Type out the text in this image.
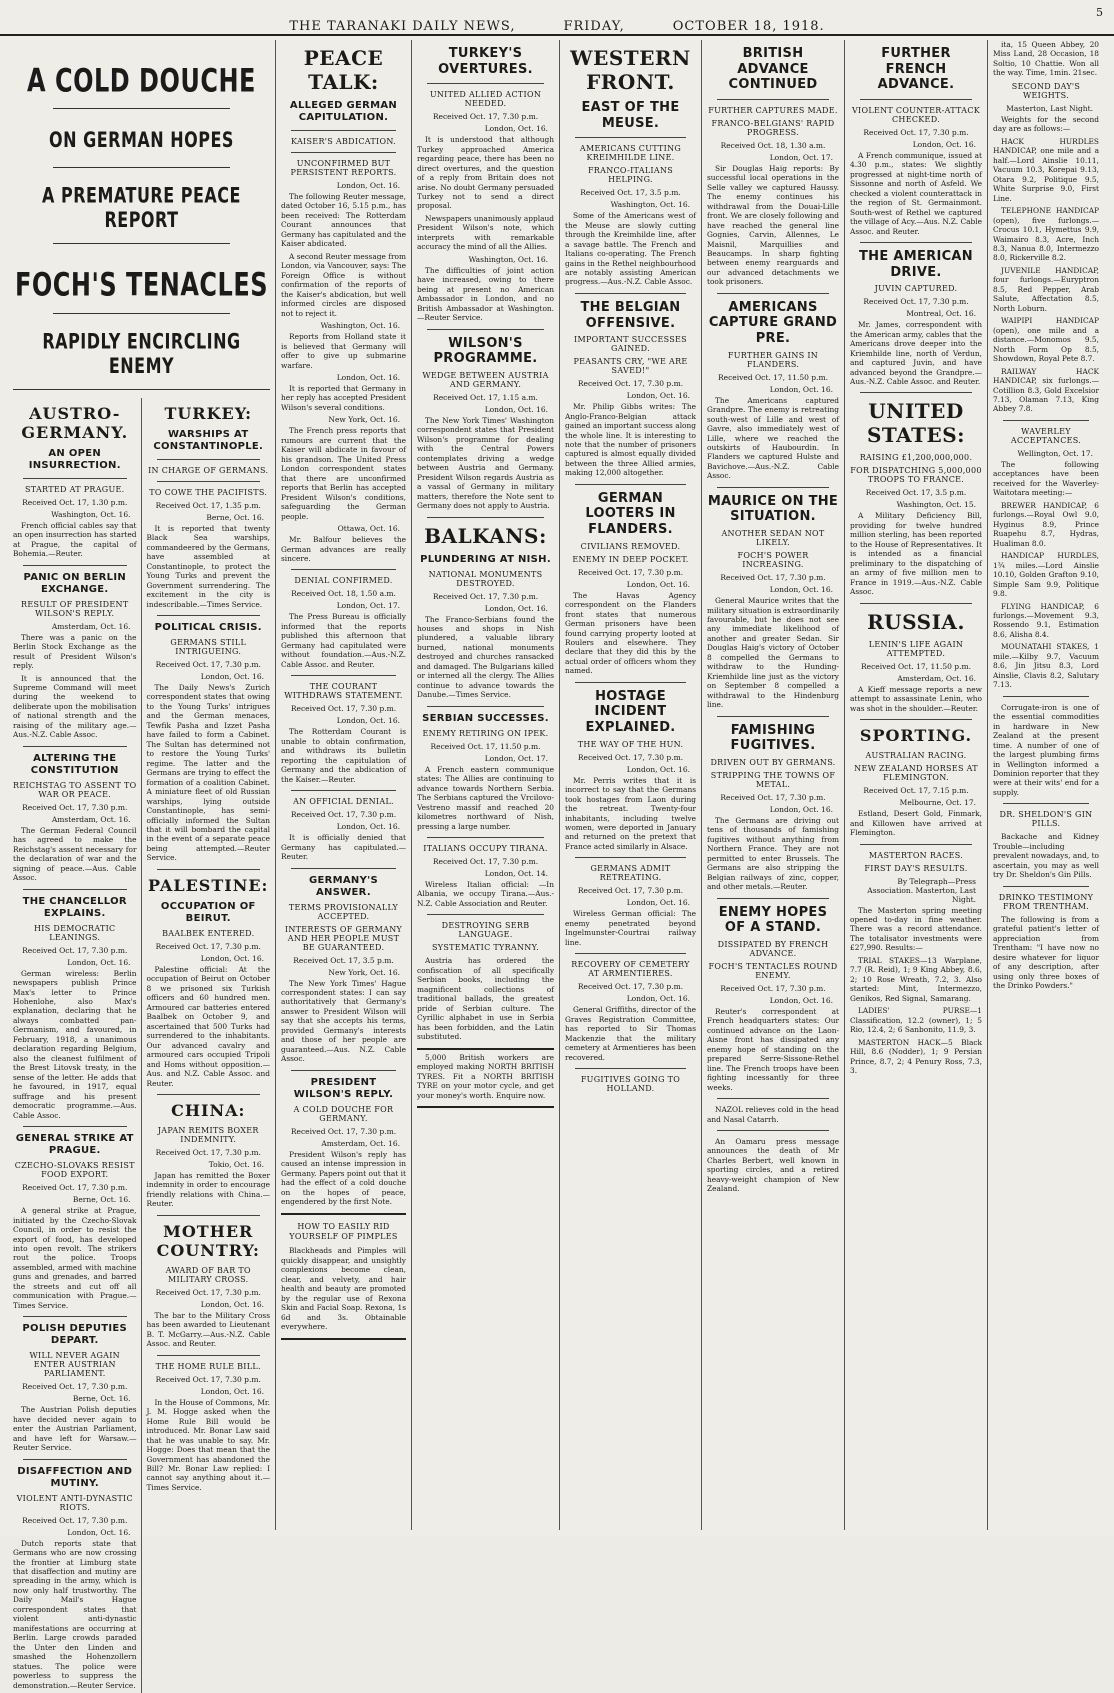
THE TARANAKI DAILY NEWS,	FRIDAY,	OCTOBER 18, 1918.
5
A COLD DOUCHE
ON GERMAN HOPES
A PREMATURE PEACE REPORT
FOCH'S TENACLES
RAPIDLY ENCIRCLING ENEMY
AUSTRO-GERMANY.
AN OPEN INSURRECTION.
STARTED AT PRAGUE.
Received Oct. 17, 1.30 p.m.
Washington, Oct. 16.

French official cables say that an open insurrection has started at Prague, the capital of Bohemia.—Reuter.

PANIC ON BERLIN EXCHANGE.
RESULT OF PRESIDENT WILSON'S REPLY.
Amsterdam, Oct. 16.

There was a panic on the Berlin Stock Exchange as the result of President Wilson's reply.

It is announced that the Supreme Command will meet during the weekend to deliberate upon the mobilisation of national strength and the raising of the military age.—Aus.-N.Z. Cable Assoc.

ALTERING THE CONSTITUTION
REICHSTAG TO ASSENT TO WAR OR PEACE.
Received Oct. 17, 7.30 p.m.
Amsterdam, Oct. 16.

The German Federal Council has agreed to make the Reichstag's assent necessary for the declaration of war and the signing of peace.—Aus. Cable Assoc.

THE CHANCELLOR EXPLAINS.
HIS DEMOCRATIC LEANINGS.
Received Oct. 17, 7.30 p.m.
London, Oct. 16.

German wireless: Berlin newspapers publish Prince Max's letter to Prince Hohenlohe, also Max's explanation, declaring that he always combatted pan-Germanism, and favoured, in February, 1918, a unanimous declaration regarding Belgium, also the cleanest fulfilment of the Brest Litovsk treaty, in the sense of the letter. He adds that he favoured, in 1917, equal suffrage and his present democratic programme.—Aus. Cable Assoc.

GENERAL STRIKE AT PRAGUE.
CZECHO-SLOVAKS RESIST FOOD EXPORT.
Received Oct. 17, 7.30 p.m.
Berne, Oct. 16.

A general strike at Prague, initiated by the Czecho-Slovak Council, in order to resist the export of food, has developed into open revolt. The strikers rout the police. Troops assembled, armed with machine guns and grenades, and barred the streets and cut off all communication with Prague.—Times Service.

POLISH DEPUTIES DEPART.
WILL NEVER AGAIN ENTER AUSTRIAN PARLIAMENT.
Received Oct. 17, 7.30 p.m.
Berne, Oct. 16.

The Austrian Polish deputies have decided never again to enter the Austrian Parliament, and have left for Warsaw.—Reuter Service.

DISAFFECTION AND MUTINY.
VIOLENT ANTI-DYNASTIC RIOTS.
Received Oct. 17, 7.30 p.m.
London, Oct. 16.

Dutch reports state that Germans who are now crossing the frontier at Limburg state that disaffection and mutiny are spreading in the army, which is now only half trustworthy. The Daily Mail's Hague correspondent states that violent anti-dynastic manifestations are occurring at Berlin. Large crowds paraded the Unter den Linden and smashed the Hohenzollern statues. The police were powerless to suppress the demonstration.—Reuter Service.

TURKEY:
WARSHIPS AT CONSTANTINOPLE.
IN CHARGE OF GERMANS.
TO COWE THE PACIFISTS.
Received Oct. 17, 1.35 p.m.
Berne, Oct. 16.

It is reported that twenty Black Sea warships, commandeered by the Germans, have assembled at Constantinople, to protect the Young Turks and prevent the Government surrendering. The excitement in the city is indescribable.—Times Service.

POLITICAL CRISIS.
GERMANS STILL INTRIGUEING.
Received Oct. 17, 7.30 p.m.
London, Oct. 16.

The Daily News's Zurich correspondent states that owing to the Young Turks' intrigues and the German menaces, Tewfik Pasha and Izzet Pasha have failed to form a Cabinet. The Sultan has determined not to restore the Young Turks' regime. The latter and the Germans are trying to effect the formation of a coalition Cabinet. A miniature fleet of old Russian warships, lying outside Constantinople, has semi-officially informed the Sultan that it will bombard the capital in the event of a separate peace being attempted.—Reuter Service.

PALESTINE:
OCCUPATION OF BEIRUT.
BAALBEK ENTERED.
Received Oct. 17, 7.30 p.m.
London, Oct. 16.

Palestine official: At the occupation of Beirut on October 8 we prisoned six Turkish officers and 60 hundred men. Armoured car batteries entered Baalbek on October 9, and ascertained that 500 Turks had surrendered to the inhabitants. Our advanced cavalry and armoured cars occupied Tripoli and Homs without opposition.—Aus. and N.Z. Cable Assoc. and Reuter.

CHINA:
JAPAN REMITS BOXER INDEMNITY.
Received Oct. 17, 7.30 p.m.
Tokio, Oct. 16.

Japan has remitted the Boxer indemnity in order to encourage friendly relations with China.—Reuter.

MOTHER COUNTRY:
AWARD OF BAR TO MILITARY CROSS.
Received Oct. 17, 7.30 p.m.
London, Oct. 16.

The bar to the Military Cross has been awarded to Lieutenant B. T. McGarry.—Aus.-N.Z. Cable Assoc. and Reuter.

THE HOME RULE BILL.
Received Oct. 17, 7.30 p.m.
London, Oct. 16.

In the House of Commons, Mr. J. M. Hogge asked when the Home Rule Bill would be introduced. Mr. Bonar Law said that he was unable to say. Mr. Hogge: Does that mean that the Government has abandoned the Bill? Mr. Bonar Law replied: I cannot say anything about it.—Times Service.

PEACE TALK:
ALLEGED GERMAN CAPITULATION.
KAISER'S ABDICATION.
UNCONFIRMED BUT PERSISTENT REPORTS.
London, Oct. 16.

The following Reuter message, dated October 16, 5.15 p.m., has been received: The Rotterdam Courant announces that Germany has capitulated and the Kaiser abdicated.

A second Reuter message from London, via Vancouver, says: The Foreign Office is without confirmation of the reports of the Kaiser's abdication, but well informed circles are disposed not to reject it.

Washington, Oct. 16.

Reports from Holland state it is believed that Germany will offer to give up submarine warfare.

London, Oct. 16.

It is reported that Germany in her reply has accepted President Wilson's several conditions.

New York, Oct. 16.

The French press reports that rumours are current that the Kaiser will abdicate in favour of his grandson. The United Press London correspondent states that there are unconfirmed reports that Berlin has accepted President Wilson's conditions, safeguarding the German people.

Ottawa, Oct. 16.

Mr. Balfour believes the German advances are really sincere.

DENIAL CONFIRMED.
Received Oct. 18, 1.50 a.m.
London, Oct. 17.

The Press Bureau is officially informed that the reports published this afternoon that Germany had capitulated were without foundation.—Aus.-N.Z. Cable Assoc. and Reuter.

THE COURANT WITHDRAWS STATEMENT.
Received Oct. 17, 7.30 p.m.
London, Oct. 16.

The Rotterdam Courant is unable to obtain confirmation, and withdraws its bulletin reporting the capitulation of Germany and the abdication of the Kaiser.—Reuter.

AN OFFICIAL DENIAL.
Received Oct. 17, 7.30 p.m.
London, Oct. 16.

It is officially denied that Germany has capitulated.—Reuter.

GERMANY'S ANSWER.
TERMS PROVISIONALLY ACCEPTED.
INTERESTS OF GERMANY AND HER PEOPLE MUST BE GUARANTEED.
Received Oct. 17, 3.5 p.m.
New York, Oct. 16.

The New York Times' Hague correspondent states: I can say authoritatively that Germany's answer to President Wilson will say that she accepts his terms, provided Germany's interests and those of her people are guaranteed.—Aus. N.Z. Cable Assoc.

PRESIDENT WILSON'S REPLY.
A COLD DOUCHE FOR GERMANY.
Received Oct. 17, 7.30 p.m.
Amsterdam, Oct. 16.

President Wilson's reply has caused an intense impression in Germany. Papers point out that it had the effect of a cold douche on the hopes of peace, engendered by the first Note.

HOW TO EASILY RID YOURSELF OF PIMPLES

Blackheads and Pimples will quickly disappear, and unsightly complexions become clean, clear, and velvety, and hair health and beauty are promoted by the regular use of Rexona Skin and Facial Soap. Rexona, 1s 6d and 3s. Obtainable everywhere.

TURKEY'S OVERTURES.
UNITED ALLIED ACTION NEEDED.
Received Oct. 17, 7.30 p.m.
London, Oct. 16.

It is understood that although Turkey approached America regarding peace, there has been no direct overtures, and the question of a reply from Britain does not arise. No doubt Germany persuaded Turkey not to send a direct proposal.

Newspapers unanimously applaud President Wilson's note, which interprets with remarkable accuracy the mind of all the Allies.

Washington, Oct. 16.

The difficulties of joint action have increased, owing to there being at present no American Ambassador in London, and no British Ambassador at Washington.—Reuter Service.

WILSON'S PROGRAMME.
WEDGE BETWEEN AUSTRIA AND GERMANY.
Received Oct. 17, 1.15 a.m.
London, Oct. 16.

The New York Times' Washington correspondent states that President Wilson's programme for dealing with the Central Powers contemplates driving a wedge between Austria and Germany. President Wilson regards Austria as a vassal of Germany in military matters, therefore the Note sent to Germany does not apply to Austria.

BALKANS:
PLUNDERING AT NISH.
NATIONAL MONUMENTS DESTROYED.
Received Oct. 17, 7.30 p.m.
London, Oct. 16.

The Franco-Serbians found the houses and shops in Nish plundered, a valuable library burned, national monuments destroyed and churches ransacked and damaged. The Bulgarians killed or interned all the clergy. The Allies continue to advance towards the Danube.—Times Service.

SERBIAN SUCCESSES.
ENEMY RETIRING ON IPEK.
Received Oct. 17, 11.50 p.m.
London, Oct. 17.

A French eastern communique states: The Allies are continuing to advance towards Northern Serbia. The Serbians captured the Vrcilovo-Vestreno massif and reached 20 kilometres northward of Nish, pressing a large number.

ITALIANS OCCUPY TIRANA.
Received Oct. 17, 7.30 p.m.
London, Oct. 14.

Wireless Italian official: —In Albania, we occupy Tirana.—Aus.-N.Z. Cable Association and Reuter.

DESTROYING SERB LANGUAGE.
SYSTEMATIC TYRANNY.

Austria has ordered the confiscation of all specifically Serbian books, including the magnificent collections of traditional ballads, the greatest pride of Serbian culture. The Cyrillic alphabet in use in Serbia has been forbidden, and the Latin substituted.

5,000 British workers are employed making NORTH BRITISH TYRES. Fit a NORTH BRITISH TYRE on your motor cycle, and get your money's worth. Enquire now.

WESTERN FRONT.
EAST OF THE MEUSE.
AMERICANS CUTTING KREIMHILDE LINE.
FRANCO-ITALIANS HELPING.
Received Oct. 17, 3.5 p.m.
Washington, Oct. 16.

Some of the Americans west of the Meuse are slowly cutting through the Kreimhilde line, after a savage battle. The French and Italians co-operating. The French gains in the Rethel neighbourhood are notably assisting American progress.—Aus.-N.Z. Cable Assoc.

THE BELGIAN OFFENSIVE.
IMPORTANT SUCCESSES GAINED.
PEASANTS CRY, "WE ARE SAVED!"
Received Oct. 17, 7.30 p.m.
London, Oct. 16.

Mr. Philip Gibbs writes: The Anglo-Franco-Belgian attack gained an important success along the whole line. It is interesting to note that the number of prisoners captured is almost equally divided between the three Allied armies, making 12,000 altogether.

GERMAN LOOTERS IN FLANDERS.
CIVILIANS REMOVED.
ENEMY IN DEEP POCKET.
Received Oct. 17, 7.30 p.m.
London, Oct. 16.

The Havas Agency correspondent on the Flanders front states that numerous German prisoners have been found carrying property looted at Roulers and elsewhere. They declare that they did this by the actual order of officers whom they named.

HOSTAGE INCIDENT EXPLAINED.
THE WAY OF THE HUN.
Received Oct. 17, 7.30 p.m.
London, Oct. 16.

Mr. Perris writes that it is incorrect to say that the Germans took hostages from Laon during the retreat. Twenty-four inhabitants, including twelve women, were deported in January and returned on the pretext that France acted similarly in Alsace.

GERMANS ADMIT RETREATING.
Received Oct. 17, 7.30 p.m.
London, Oct. 16.

Wireless German official: The enemy penetrated beyond Ingelmunster-Courtrai railway line.

RECOVERY OF CEMETERY AT ARMENTIERES.
Received Oct. 17, 7.30 p.m.
London, Oct. 16.

General Griffiths, director of the Graves Registration Committee, has reported to Sir Thomas Mackenzie that the military cemetery at Armentieres has been recovered.

FUGITIVES GOING TO HOLLAND.
BRITISH ADVANCE CONTINUED
FURTHER CAPTURES MADE.
FRANCO-BELGIANS' RAPID PROGRESS.
Received Oct. 18, 1.30 a.m.
London, Oct. 17.

Sir Douglas Haig reports: By successful local operations in the Selle valley we captured Haussy. The enemy continues his withdrawal from the Douai-Lille front. We are closely following and have reached the general line Gognies, Carvin, Allennes, Le Maisnil, Marquillies and Beaucamps. In sharp fighting between enemy rearguards and our advanced detachments we took prisoners.

AMERICANS CAPTURE GRAND PRE.
FURTHER GAINS IN FLANDERS.
Received Oct. 17, 11.50 p.m.
London, Oct. 16.

The Americans captured Grandpre. The enemy is retreating south-west of Lille and west of Gavre, also immediately west of Lille, where we reached the outskirts of Haubourdin. In Flanders we captured Hulste and Bavichove.—Aus.-N.Z. Cable Assoc.

MAURICE ON THE SITUATION.
ANOTHER SEDAN NOT LIKELY.
FOCH'S POWER INCREASING.
Received Oct. 17, 7.30 p.m.
London, Oct. 16.

General Maurice writes that the military situation is extraordinarily favourable, but he does not see any immediate likelihood of another and greater Sedan. Sir Douglas Haig's victory of October 8 compelled the Germans to withdraw to the Hunding-Kriemhilde line just as the victory on September 8 compelled a withdrawal to the Hindenburg line.

FAMISHING FUGITIVES.
DRIVEN OUT BY GERMANS.
STRIPPING THE TOWNS OF METAL.
Received Oct. 17, 7.30 p.m.
London, Oct. 16.

The Germans are driving out tens of thousands of famishing fugitives without anything from Northern France. They are not permitted to enter Brussels. The Germans are also stripping the Belgian railways of zinc, copper, and other metals.—Reuter.

ENEMY HOPES OF A STAND.
DISSIPATED BY FRENCH ADVANCE.
FOCH'S TENTACLES ROUND ENEMY.
Received Oct. 17, 7.30 p.m.
London, Oct. 16.

Reuter's correspondent at French headquarters states: Our continued advance on the Laon-Aisne front has dissipated any enemy hope of standing on the prepared Serre-Sissone-Rethel line. The French troops have been fighting incessantly for three weeks.

NAZOL relieves cold in the head and Nasal Catarrh.

An Oamaru press message announces the death of Mr Charles Berbert, well known in sporting circles, and a retired heavy-weight champion of New Zealand.

FURTHER FRENCH ADVANCE.
VIOLENT COUNTER-ATTACK CHECKED.
Received Oct. 17, 7.30 p.m.
London, Oct. 16.

A French communique, issued at 4.30 p.m., states: We slightly progressed at night-time north of Sissonne and north of Asfeld. We checked a violent counterattack in the region of St. Germainmont. South-west of Rethel we captured the village of Acy.—Aus. N.Z. Cable Assoc. and Reuter.

THE AMERICAN DRIVE.
JUVIN CAPTURED.
Received Oct. 17, 7.30 p.m.
Montreal, Oct. 16.

Mr. James, correspondent with the American army, cables that the Americans drove deeper into the Kriemhilde line, north of Verdun, and captured Juvin, and have advanced beyond the Grandpre.—Aus.-N.Z. Cable Assoc. and Reuter.

UNITED STATES:
RAISING £1,200,000,000.
FOR DISPATCHING 5,000,000 TROOPS TO FRANCE.
Received Oct. 17, 3.5 p.m.
Washington, Oct. 15.

A Military Deficiency Bill, providing for twelve hundred million sterling, has been reported to the House of Representatives. It is intended as a financial preliminary to the dispatching of an army of five million men to France in 1919.—Aus.-N.Z. Cable Assoc.

RUSSIA.
LENIN'S LIFE AGAIN ATTEMPTED.
Received Oct. 17, 11.50 p.m.
Amsterdam, Oct. 16.

A Kieff message reports a new attempt to assassinate Lenin, who was shot in the shoulder.—Reuter.

SPORTING.
AUSTRALIAN RACING.
NEW ZEALAND HORSES AT FLEMINGTON.
Received Oct. 17, 7.15 p.m.
Melbourne, Oct. 17.

Estland, Desert Gold, Finmark, and Killowen have arrived at Flemington.

MASTERTON RACES.
FIRST DAY'S RESULTS.
By Telegraph—Press Association. Masterton, Last Night.

The Masterton spring meeting opened to-day in fine weather. There was a record attendance. The totalisator investments were £27,990. Results:—

TRIAL STAKES—13 Warplane, 7.7 (R. Reid), 1; 9 King Abbey, 8.6, 2; 10 Rose Wreath, 7.2, 3. Also started: Mint, Intermezzo, Genikos, Red Signal, Samarang.

LADIES' PURSE—1 Classification, 12.2 (owner), 1; 5 Rio, 12.4, 2; 6 Sanbonito, 11.9, 3.

MASTERTON HACK—5 Black Hill, 8.6 (Nodder), 1; 9 Persian Prince, 8.7, 2; 4 Penury Ross, 7.3, 3.

ita, 15 Queen Abbey, 20 Miss Land, 28 Occasion, 18 Soltio, 10 Chattie. Won all the way. Time, 1min. 21sec.

SECOND DAY'S WEIGHTS.
Masterton, Last Night.

Weights for the second day are as follows:—

HACK HURDLES HANDICAP, one mile and a half.—Lord Ainslie 10.11, Vacuum 10.3, Korepai 9.13, Otara 9.2, Politique 9.5, White Surprise 9.0, First Line.

TELEPHONE HANDICAP (open), five furlongs.—Crocus 10.1, Hymettus 9.9, Waimairo 8.3, Acre, Inch 8.3, Nanua 8.0, Intermezzo 8.0, Rickerville 8.2.

JUVENILE HANDICAP, four furlongs.—Euryptron 8.5, Red Pepper, Arab Salute, Affectation 8.5, North Loburn.

WAIPIPI HANDICAP (open), one mile and a distance.—Monomos 9.5, North Form Op 8.5, Showdown, Royal Pete 8.7.

RAILWAY HACK HANDICAP, six furlongs.—Cotillion 8.3, Gold Excelsior 7.13, Olaman 7.13, King Abbey 7.8.

WAVERLEY ACCEPTANCES.
Wellington, Oct. 17.

The following acceptances have been received for the Waverley-Waitotara meeting:—

BREWER HANDICAP, 6 furlongs.—Royal Owl 9.0, Hyginus 8.9, Prince Ruapehu 8.7, Hydras, Hualiman 8.0.

HANDICAP HURDLES, 1¾ miles.—Lord Ainslie 10.10, Golden Grafton 9.10, Simple Sam 9.9, Politique 9.8.

FLYING HANDICAP, 6 furlongs.—Movement 9.3, Rossendo 9.1, Estimation 8.6, Alisha 8.4.

MOUNATAHI STAKES, 1 mile.—Kilby 9.7, Vacuum 8.6, Jin Jitsu 8.3, Lord Ainslie, Clavis 8.2, Salutary 7.13.

Corrugate-iron is one of the essential commodities in hardware in New Zealand at the present time. A number of one of the largest plumbing firms in Wellington informed a Dominion reporter that they were at their wits' end for a supply.

DR. SHELDON'S GIN PILLS.

Backache and Kidney Trouble—including prevalent nowadays, and, to ascertain, you may as well try Dr. Sheldon's Gin Pills.

DRINKO TESTIMONY FROM TRENTHAM.

The following is from a grateful patient's letter of appreciation from Trentham: "I have now no desire whatever for liquor of any description, after using only three boxes of the Drinko Powders."
